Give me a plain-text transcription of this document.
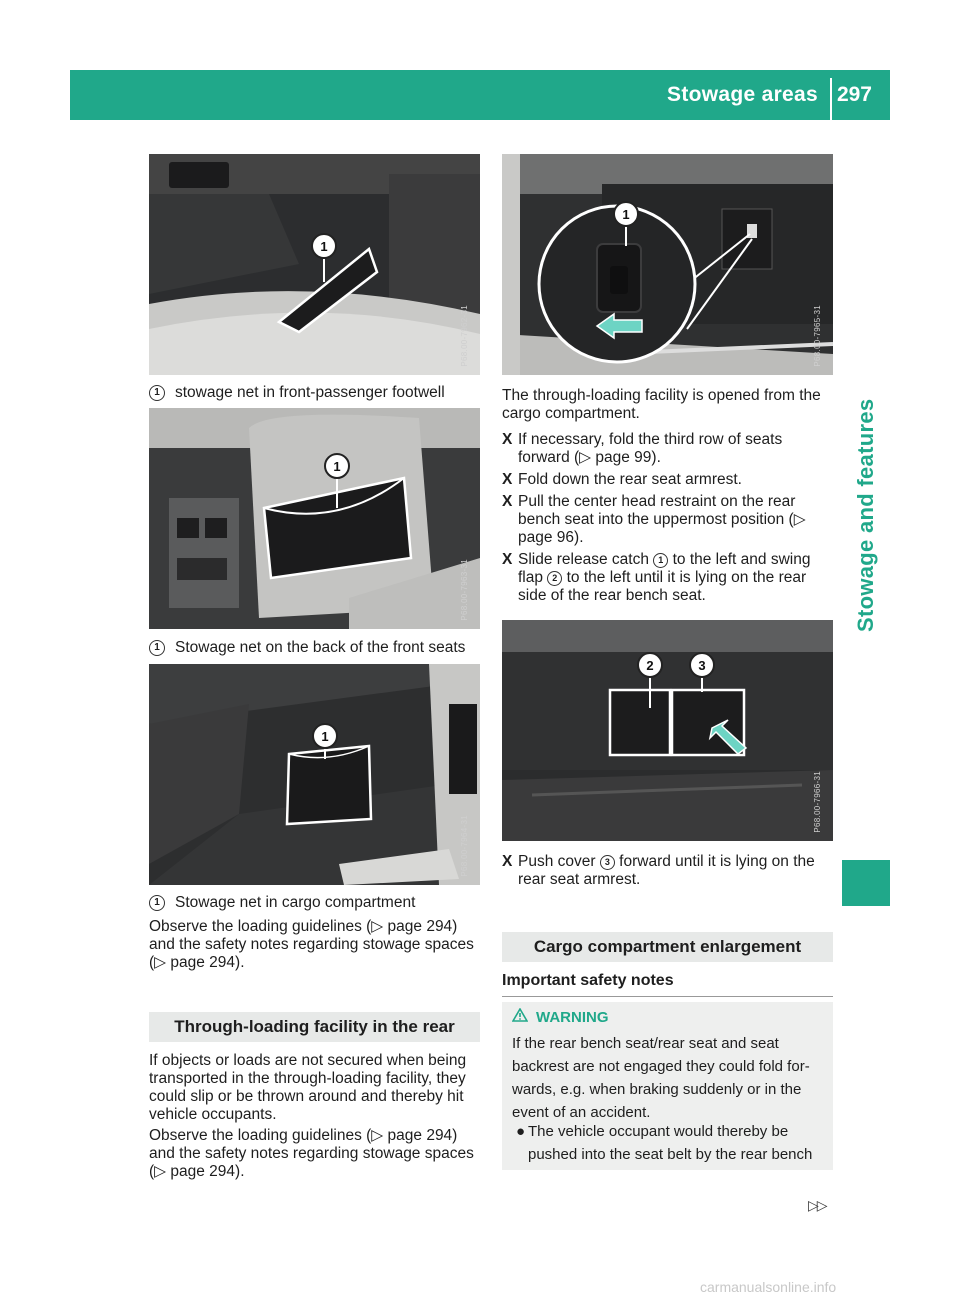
Stowage areas 297
Stowage and features
1
P68.00-7962-31
1 stowage net in front-passenger footwell
1
P68.00-7963-31
1 Stowage net on the back of the front seats
1
P68.00-7964-31
1 Stowage net in cargo compartment

Observe the loading guidelines (▷ page 294) and the safety notes regarding stowage spaces (▷ page 294).

Through-loading facility in the rear

If objects or loads are not secured when being transported in the through-loading facility, they could slip or be thrown around and thereby hit vehicle occupants.

Observe the loading guidelines (▷ page 294) and the safety notes regarding stowage spaces (▷ page 294).

1
P68.00-7965-31

The through-loading facility is opened from the cargo compartment.

X If necessary, fold the third row of seats forward (▷ page 99).
X Fold down the rear seat armrest.
X Pull the center head restraint on the rear bench seat into the uppermost position (▷ page 96).
X Slide release catch 1 to the left and swing flap 2 to the left until it is lying on the rear side of the rear bench seat.
2	3
P68.00-7966-31
X Push cover 3 forward until it is lying on the rear seat armrest.
Cargo compartment enlargement
Important safety notes
WARNING
If the rear bench seat/rear seat and seat backrest are not engaged they could fold for-wards, e.g. when braking suddenly or in the event of an accident.
● The vehicle occupant would thereby be pushed into the seat belt by the rear bench
▷▷
carmanualsonline.info
